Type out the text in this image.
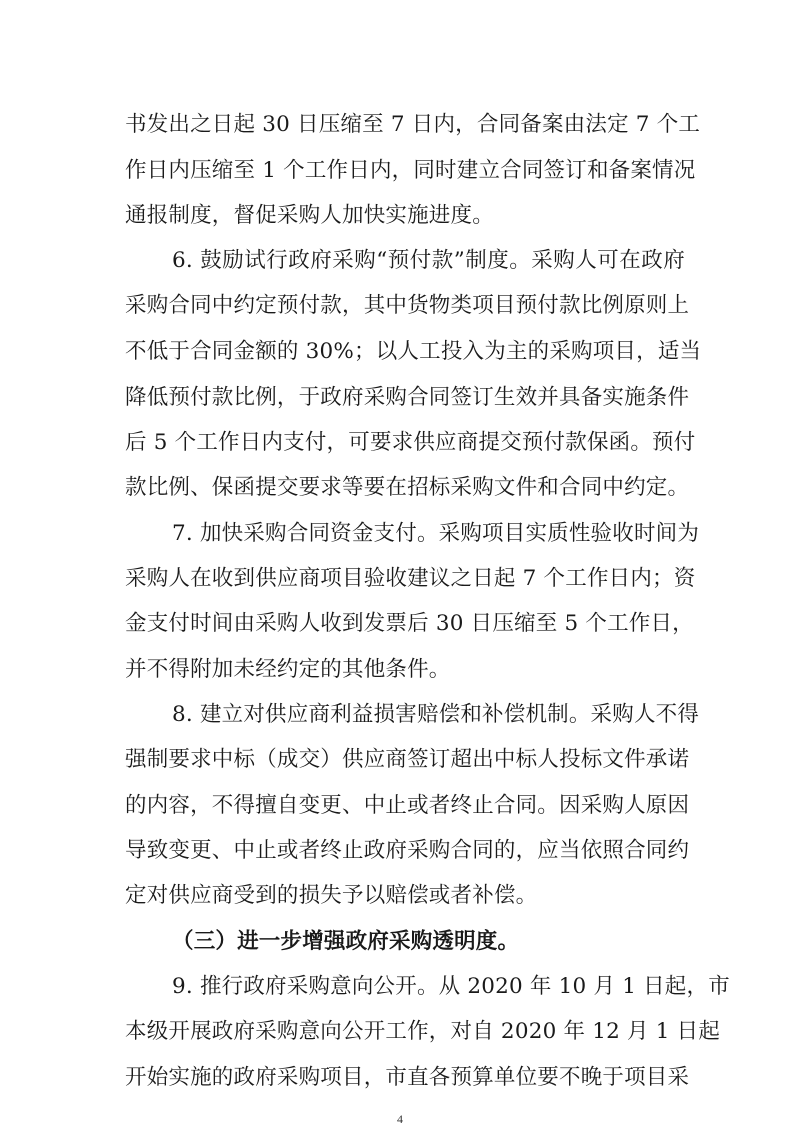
书发出之日起 30 日压缩至 7 日内，合同备案由法定 7 个工
作日内压缩至 1 个工作日内，同时建立合同签订和备案情况
通报制度，督促采购人加快实施进度。
6. 鼓励试行政府采购“预付款”制度。采购人可在政府
采购合同中约定预付款，其中货物类项目预付款比例原则上
不低于合同金额的 30%；以人工投入为主的采购项目，适当
降低预付款比例，于政府采购合同签订生效并具备实施条件
后 5 个工作日内支付，可要求供应商提交预付款保函。预付
款比例、保函提交要求等要在招标采购文件和合同中约定。
7. 加快采购合同资金支付。采购项目实质性验收时间为
采购人在收到供应商项目验收建议之日起 7 个工作日内；资
金支付时间由采购人收到发票后 30 日压缩至 5 个工作日，
并不得附加未经约定的其他条件。
8. 建立对供应商利益损害赔偿和补偿机制。采购人不得
强制要求中标（成交）供应商签订超出中标人投标文件承诺
的内容，不得擅自变更、中止或者终止合同。因采购人原因
导致变更、中止或者终止政府采购合同的，应当依照合同约
定对供应商受到的损失予以赔偿或者补偿。
（三）进一步增强政府采购透明度。
9. 推行政府采购意向公开。从 2020 年 10 月 1 日起，市
本级开展政府采购意向公开工作，对自 2020 年 12 月 1 日起
开始实施的政府采购项目，市直各预算单位要不晚于项目采
4
